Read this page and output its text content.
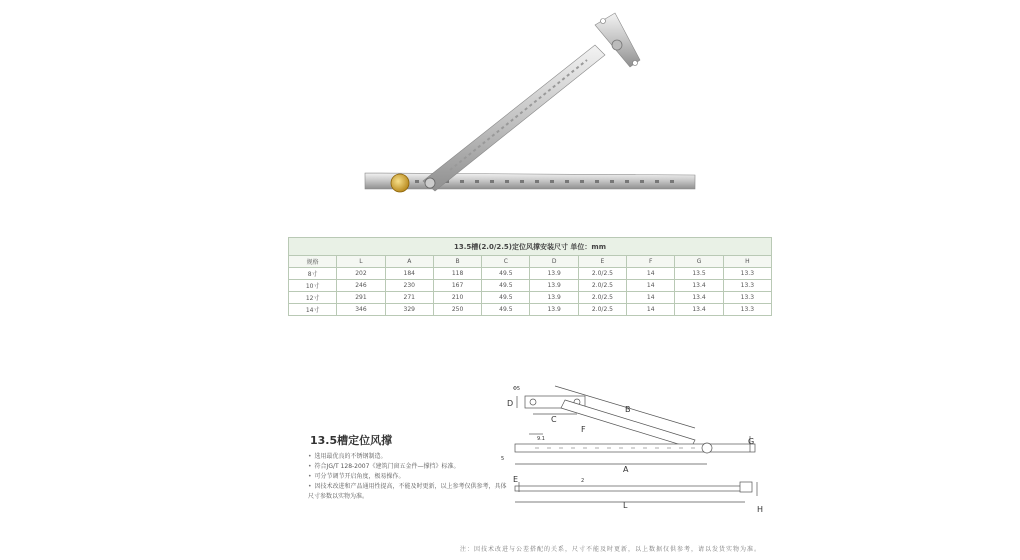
13.5槽(2.0/2.5)定位风撑安装尺寸 单位：mm									
规格	L	A	B	C	D	E	F	G	H
8寸	202	184	118	49.5	13.9	2.0/2.5	14	13.5	13.3
10寸	246	230	167	49.5	13.9	2.0/2.5	14	13.4	13.3
12寸	291	271	210	49.5	13.9	2.0/2.5	14	13.4	13.3
14寸	346	329	250	49.5	13.9	2.0/2.5	14	13.4	13.3
13.5槽定位风撑
• 选用最优良的不锈钢制造。
• 符合JG/T 128-2007《建筑门窗五金件—撑挡》标准。
• 可分节调节开启角度，极易操作。
• 因技术改进和产品通用性提高，不能及时更新，以上参考仅供参考，具体尺寸参数以实物为准。
Φ5
D
C
B
F
G
9.1
5
A
E	2
L	H
注：因技术改进与公差搭配的关系，尺寸不能及时更新，以上数据仅供参考，请以发货实物为准。
